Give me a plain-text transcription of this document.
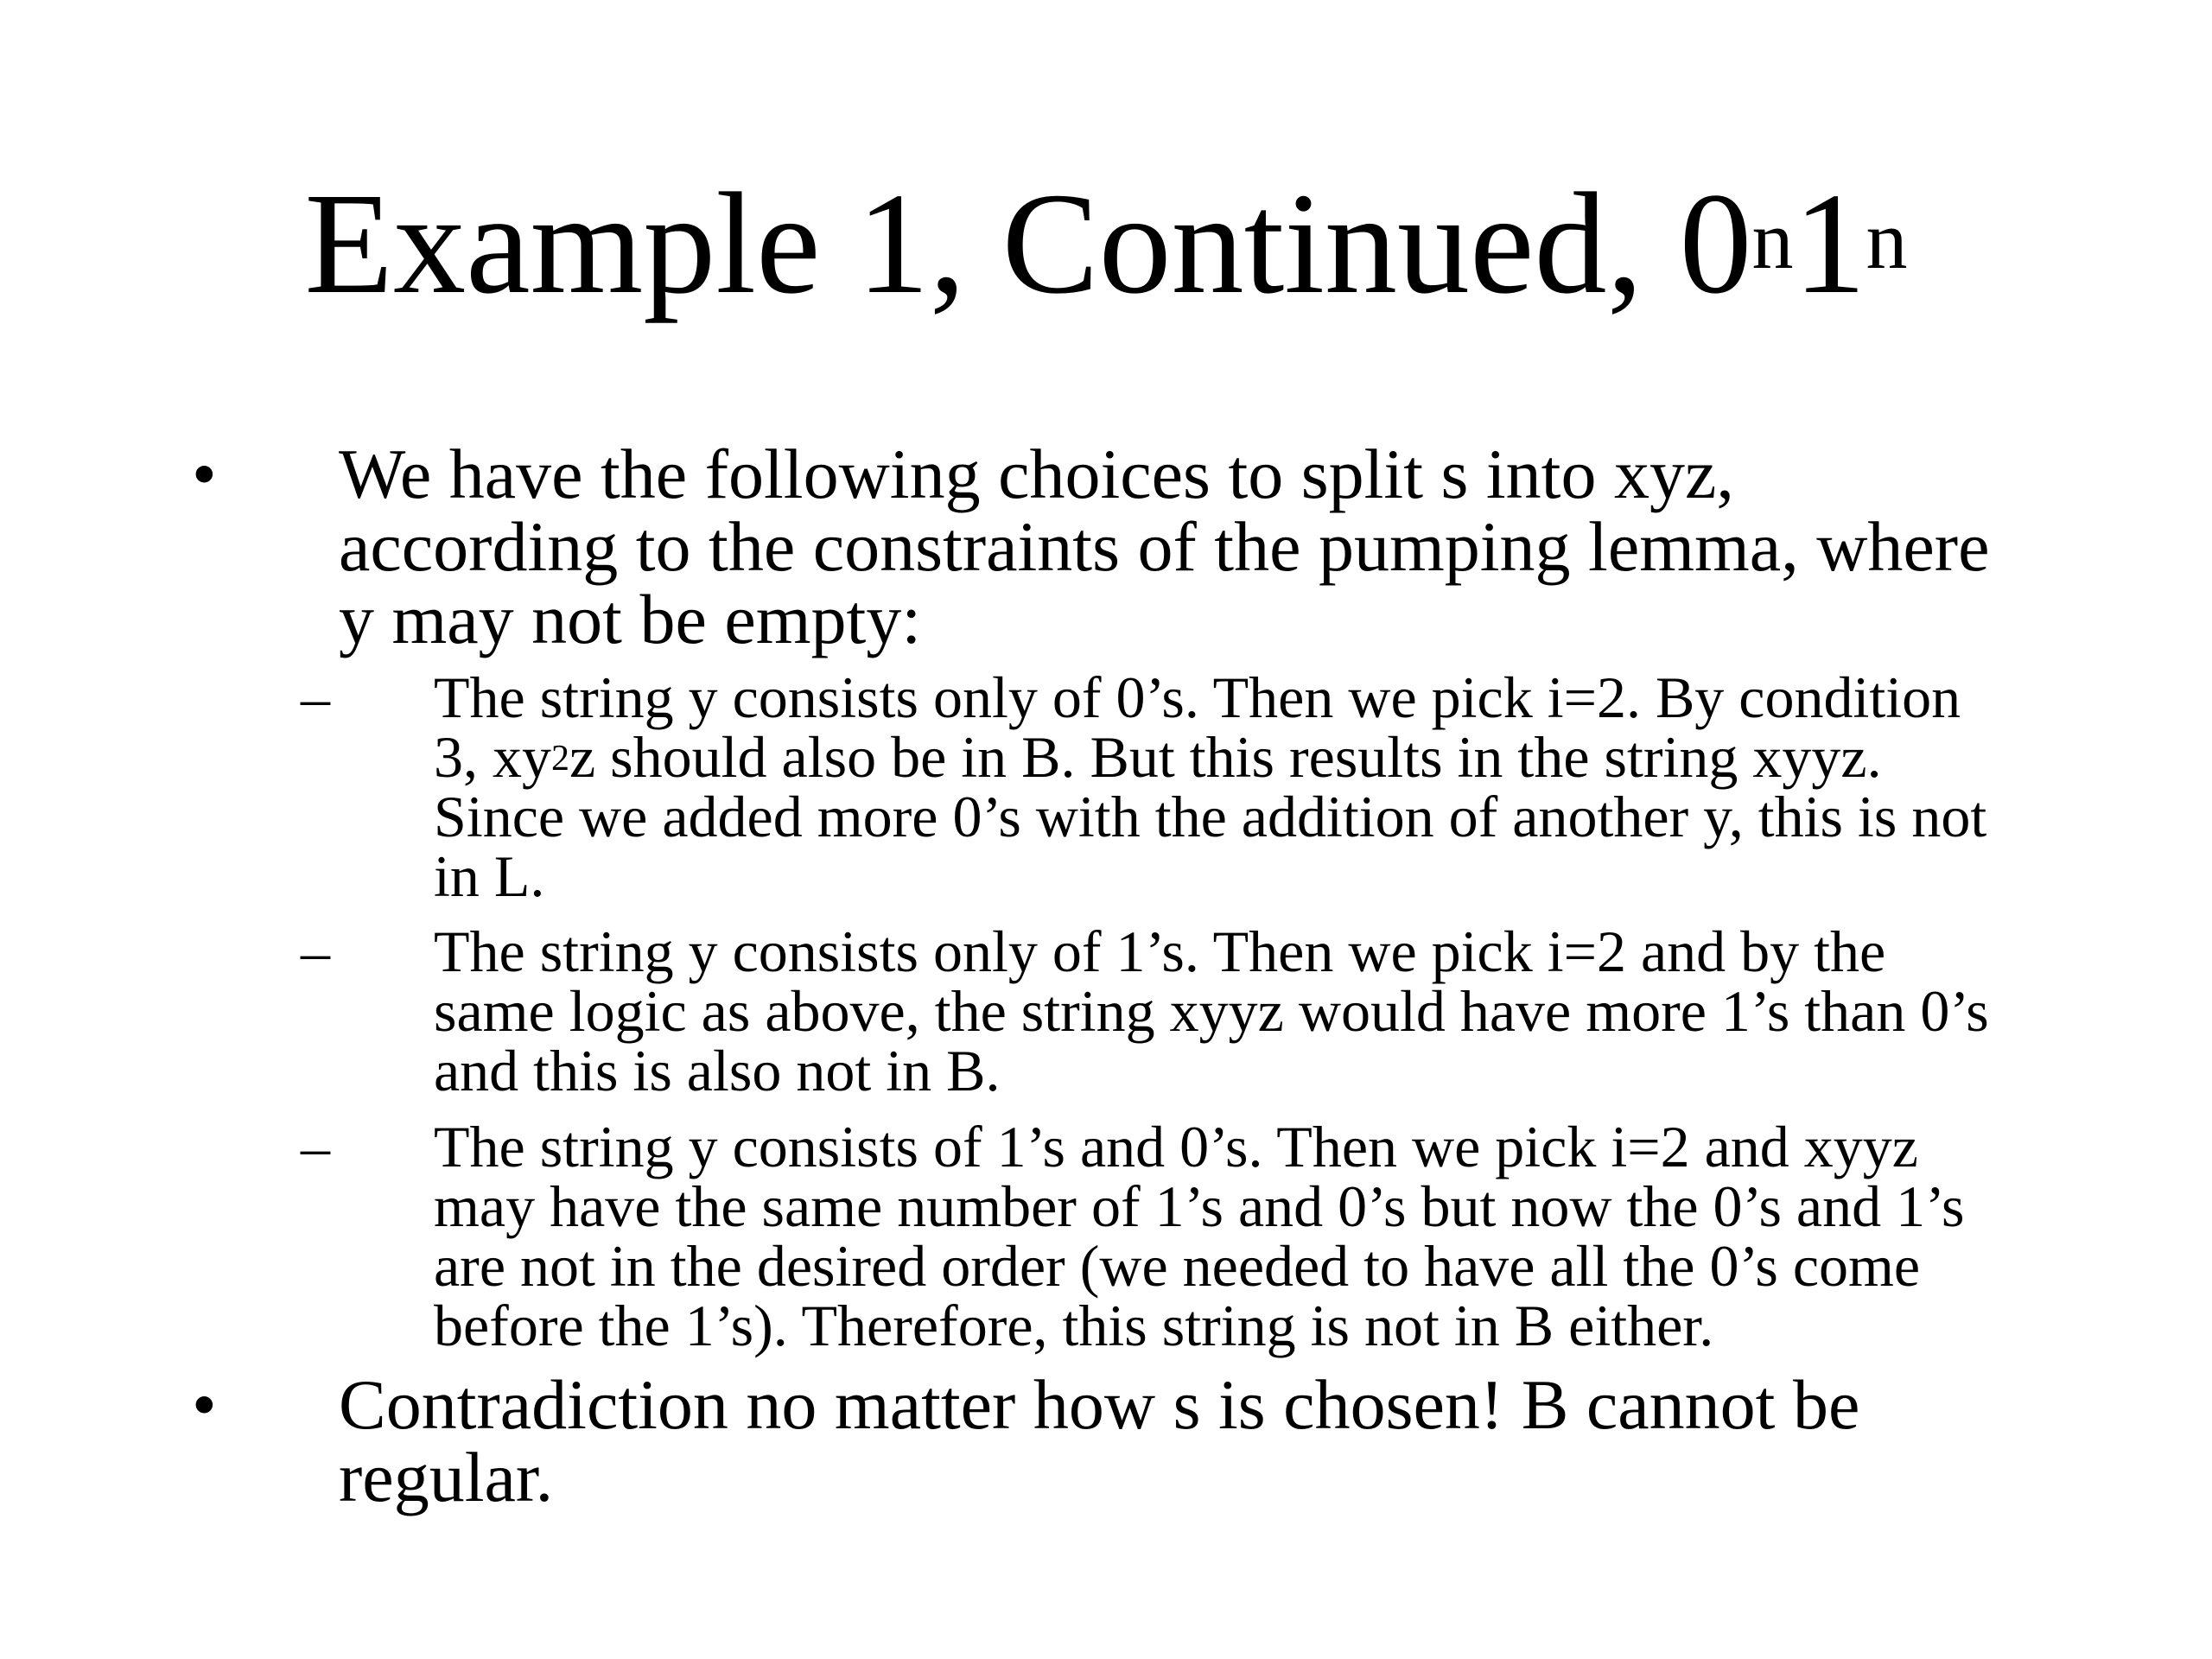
Example 1, Continued, 0$^n$1$^n$
• We have the following choices to split s into xyz,
according to the constraints of the pumping lemma, where
y may not be empty:
– The string y consists only of 0’s. Then we pick i=2. By condition
3, $xy^2z$ should also be in B. But this results in the string xyyz.
Since we added more 0’s with the addition of another y, this is not
in L.
– The string y consists only of 1’s. Then we pick i=2 and by the
same logic as above, the string xyyz would have more 1’s than 0’s
and this is also not in B.
– The string y consists of 1’s and 0’s. Then we pick i=2 and xyyz
may have the same number of 1’s and 0’s but now the 0’s and 1’s
are not in the desired order (we needed to have all the 0’s come
before the 1’s). Therefore, this string is not in B either.
• Contradiction no matter how s is chosen! B cannot be
regular.
